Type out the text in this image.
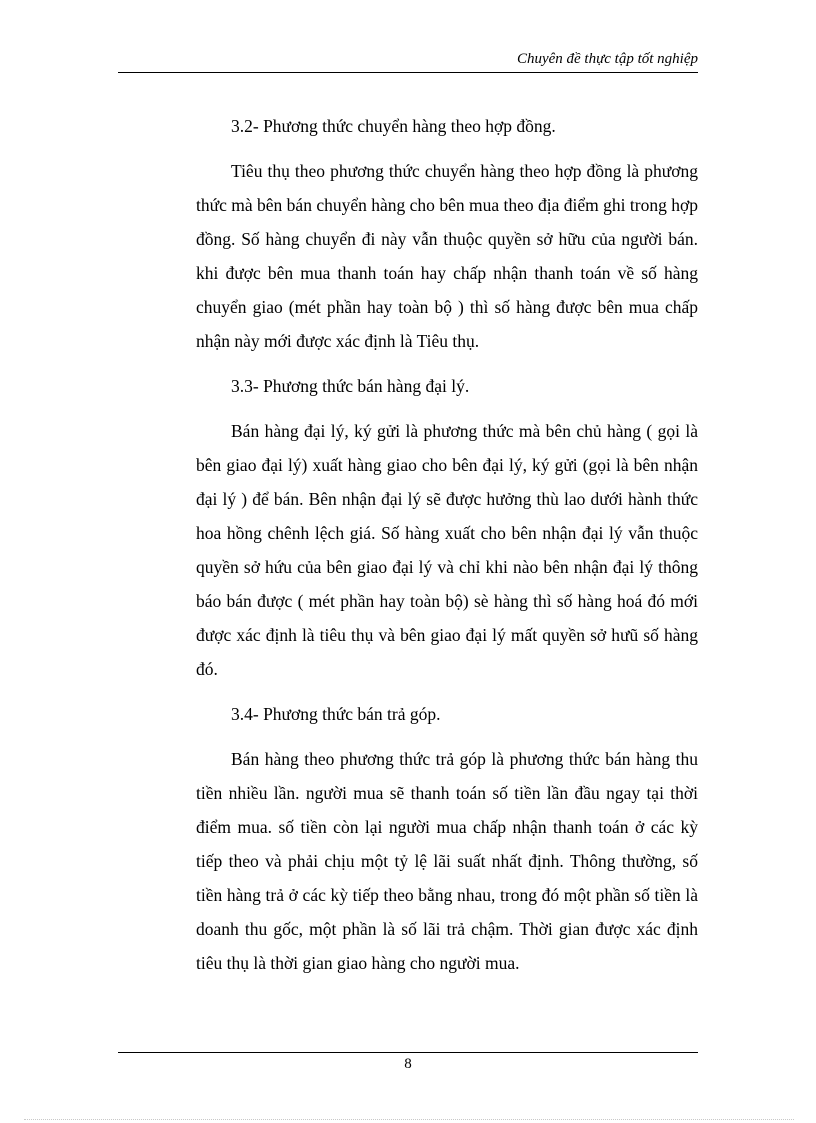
Chuyên đề thực tập tốt nghiệp

3.2- Phương thức chuyển hàng theo hợp đồng.

Tiêu thụ theo phương thức chuyển hàng theo hợp đồng là phương thức mà bên bán chuyển hàng cho bên mua theo địa điểm ghi trong hợp đồng. Số hàng chuyển đi này vẫn thuộc quyền sở hữu của người bán. khi được bên mua thanh toán hay chấp nhận thanh toán về số hàng chuyển giao (mét phần hay toàn bộ ) thì số hàng được bên mua chấp nhận này mới được xác định là Tiêu thụ.

3.3- Phương thức bán hàng đại lý.

Bán hàng đại lý, ký gửi là phương thức mà bên chủ hàng ( gọi là bên giao đại lý) xuất hàng giao cho bên đại lý, ký gửi (gọi là bên nhận đại lý ) để bán. Bên nhận đại lý sẽ được hưởng thù lao dưới hành thức hoa hồng chênh lệch giá. Số hàng xuất cho bên nhận đại lý vẫn thuộc quyền sở hứu của bên giao đại lý và chỉ khi nào bên nhận đại lý thông báo bán được ( mét phần hay toàn bộ) sè hàng thì số hàng hoá đó mới được xác định là tiêu thụ và bên giao đại lý mất quyền sở hưũ số hàng đó.

3.4- Phương thức bán trả góp.

Bán hàng theo phương thức trả góp là phương thức bán hàng thu tiền nhiều lần. người mua sẽ thanh toán số tiền lần đầu ngay tại thời điểm mua. số tiền còn lại người mua chấp nhận thanh toán ở các kỳ tiếp theo và phải chịu một tỷ lệ lãi suất nhất định. Thông thường, số tiền hàng trả ở các kỳ tiếp theo bằng nhau, trong đó một phần số tiền là doanh thu gốc, một phần là số lãi trả chậm. Thời gian được xác định tiêu thụ là thời gian giao hàng cho người mua.

8
